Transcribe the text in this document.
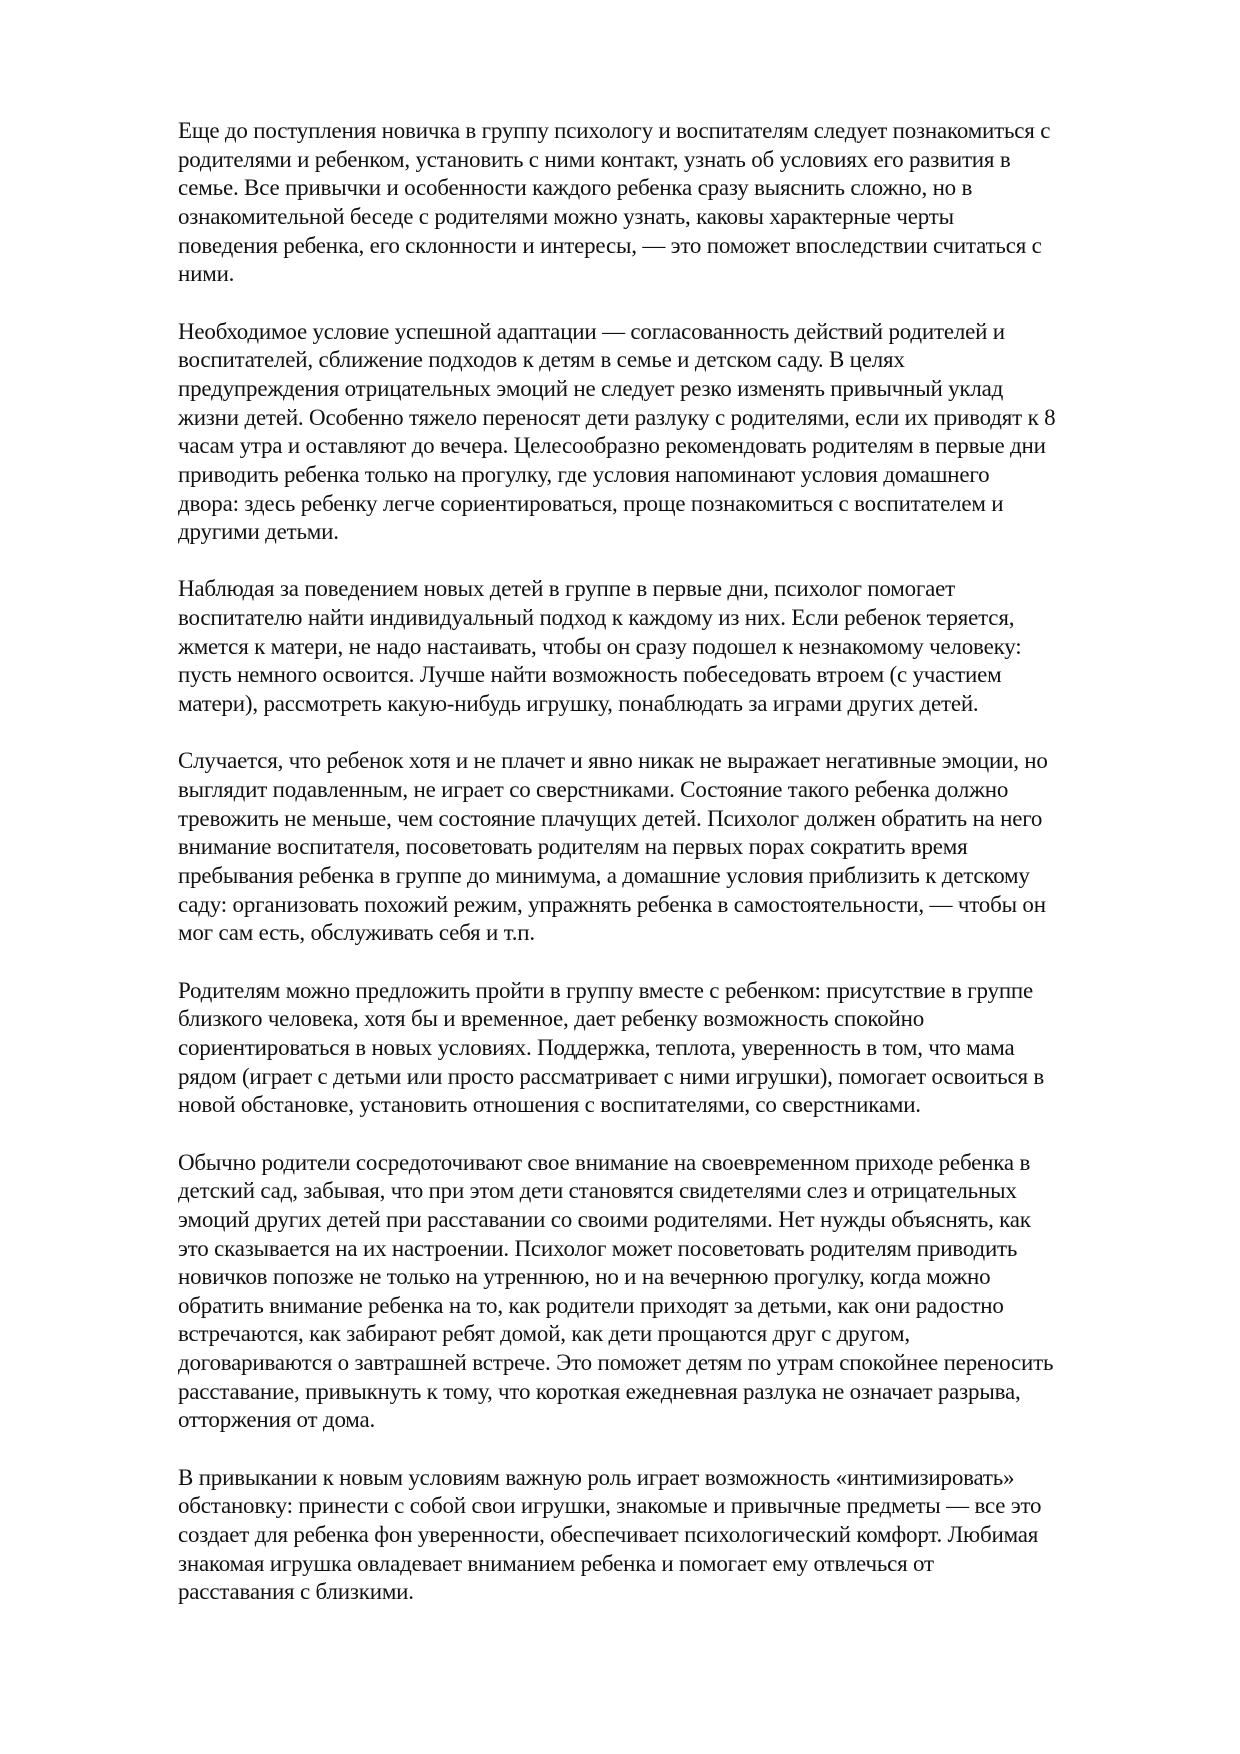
Еще до поступления новичка в группу психологу и воспитателям следует познакомиться с
родителями и ребенком, установить с ними контакт, узнать об условиях его развития в
семье. Все привычки и особенности каждого ребенка сразу выяснить сложно, но в
ознакомительной беседе с родителями можно узнать, каковы характерные черты
поведения ребенка, его склонности и интересы, — это поможет впоследствии считаться с
ними.

Необходимое условие успешной адаптации — согласованность действий родителей и
воспитателей, сближение подходов к детям в семье и детском саду. В целях
предупреждения отрицательных эмоций не следует резко изменять привычный уклад
жизни детей. Особенно тяжело переносят дети разлуку с родителями, если их приводят к 8
часам утра и оставляют до вечера. Целесообразно рекомендовать родителям в первые дни
приводить ребенка только на прогулку, где условия напоминают условия домашнего
двора: здесь ребенку легче сориентироваться, проще познакомиться с воспитателем и
другими детьми.

Наблюдая за поведением новых детей в группе в первые дни, психолог помогает
воспитателю найти индивидуальный подход к каждому из них. Если ребенок теряется,
жмется к матери, не надо настаивать, чтобы он сразу подошел к незнакомому человеку:
пусть немного освоится. Лучше найти возможность побеседовать втроем (с участием
матери), рассмотреть какую-нибудь игрушку, понаблюдать за играми других детей.

Случается, что ребенок хотя и не плачет и явно никак не выражает негативные эмоции, но
выглядит подавленным, не играет со сверстниками. Состояние такого ребенка должно
тревожить не меньше, чем состояние плачущих детей. Психолог должен обратить на него
внимание воспитателя, посоветовать родителям на первых порах сократить время
пребывания ребенка в группе до минимума, а домашние условия приблизить к детскому
саду: организовать похожий режим, упражнять ребенка в самостоятельности, — чтобы он
мог сам есть, обслуживать себя и т.п.

Родителям можно предложить пройти в группу вместе с ребенком: присутствие в группе
близкого человека, хотя бы и временное, дает ребенку возможность спокойно
сориентироваться в новых условиях. Поддержка, теплота, уверенность в том, что мама
рядом (играет с детьми или просто рассматривает с ними игрушки), помогает освоиться в
новой обстановке, установить отношения с воспитателями, со сверстниками.

Обычно родители сосредоточивают свое внимание на своевременном приходе ребенка в
детский сад, забывая, что при этом дети становятся свидетелями слез и отрицательных
эмоций других детей при расставании со своими родителями. Нет нужды объяснять, как
это сказывается на их настроении. Психолог может посоветовать родителям приводить
новичков попозже не только на утреннюю, но и на вечернюю прогулку, когда можно
обратить внимание ребенка на то, как родители приходят за детьми, как они радостно
встречаются, как забирают ребят домой, как дети прощаются друг с другом,
договариваются о завтрашней встрече. Это поможет детям по утрам спокойнее переносить
расставание, привыкнуть к тому, что короткая ежедневная разлука не означает разрыва,
отторжения от дома.

В привыкании к новым условиям важную роль играет возможность «интимизировать»
обстановку: принести с собой свои игрушки, знакомые и привычные предметы — все это
создает для ребенка фон уверенности, обеспечивает психологический комфорт. Любимая
знакомая игрушка овладевает вниманием ребенка и помогает ему отвлечься от
расставания с близкими.
